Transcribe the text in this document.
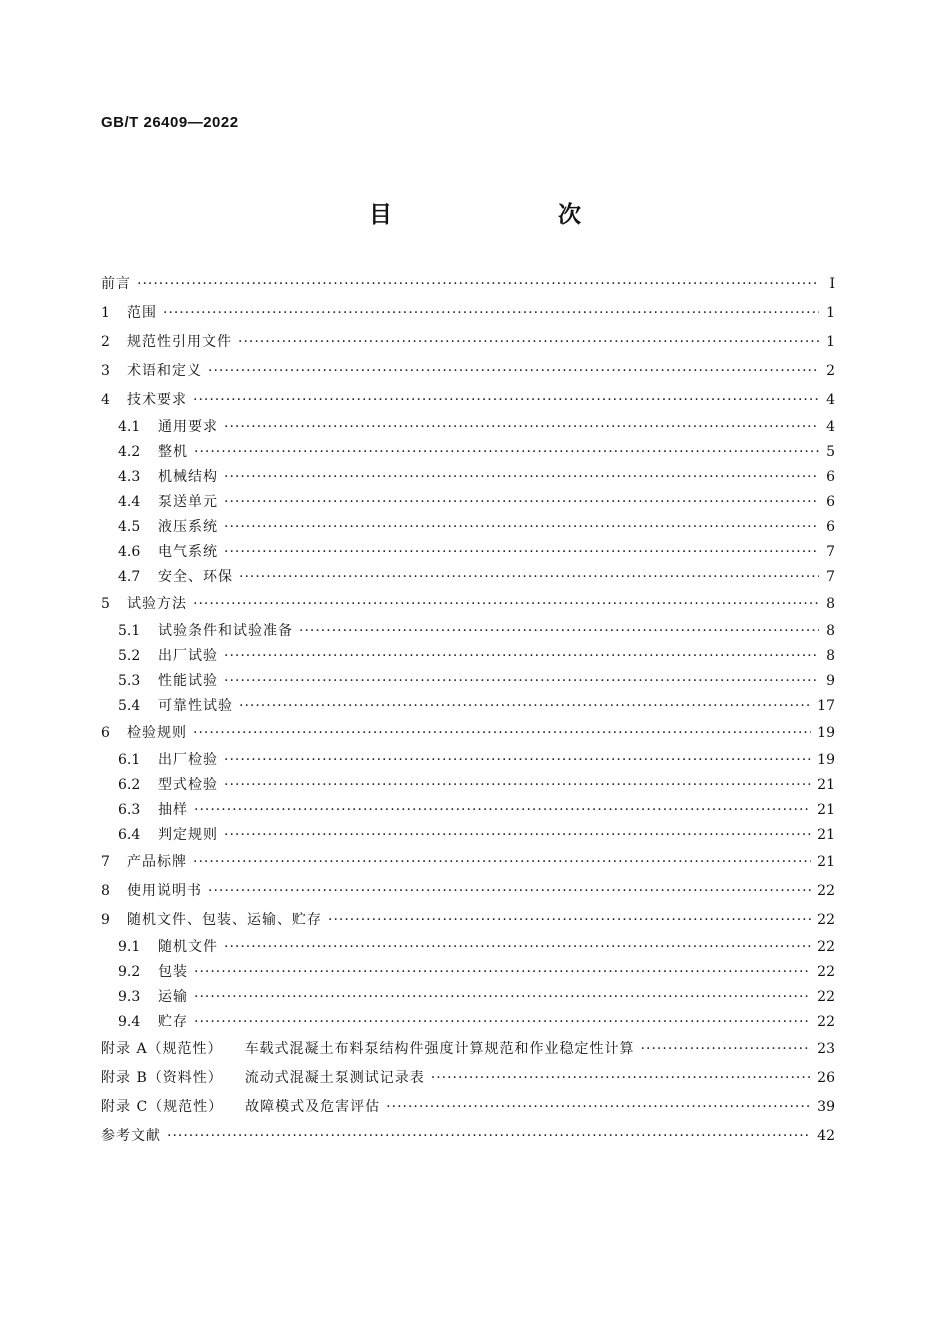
GB/T 26409—2022
目　　次
前言 ·····	Ⅰ
1	范围 ·····	1
2	规范性引用文件 ·····	1
3	术语和定义 ·····	2
4	技术要求 ·····	4
4.1	通用要求 ·····	4
4.2	整机 ·····	5
4.3	机械结构 ·····	6
4.4	泵送单元 ·····	6
4.5	液压系统 ·····	6
4.6	电气系统 ·····	7
4.7	安全、环保 ·····	7
5	试验方法 ·····	8
5.1	试验条件和试验准备 ·····	8
5.2	出厂试验 ·····	8
5.3	性能试验 ·····	9
5.4	可靠性试验 ·····	17
6	检验规则 ·····	19
6.1	出厂检验 ·····	19
6.2	型式检验 ·····	21
6.3	抽样 ·····	21
6.4	判定规则 ·····	21
7	产品标牌 ·····	21
8	使用说明书 ·····	22
9	随机文件、包装、运输、贮存 ·····	22
9.1	随机文件 ·····	22
9.2	包装 ·····	22
9.3	运输 ·····	22
9.4	贮存 ·····	22
附录 A（规范性） 车载式混凝土布料泵结构件强度计算规范和作业稳定性计算 ·····	23
附录 B（资料性） 流动式混凝土泵测试记录表 ·····	26
附录 C（规范性） 故障模式及危害评估 ·····	39
参考文献 ·····	42
